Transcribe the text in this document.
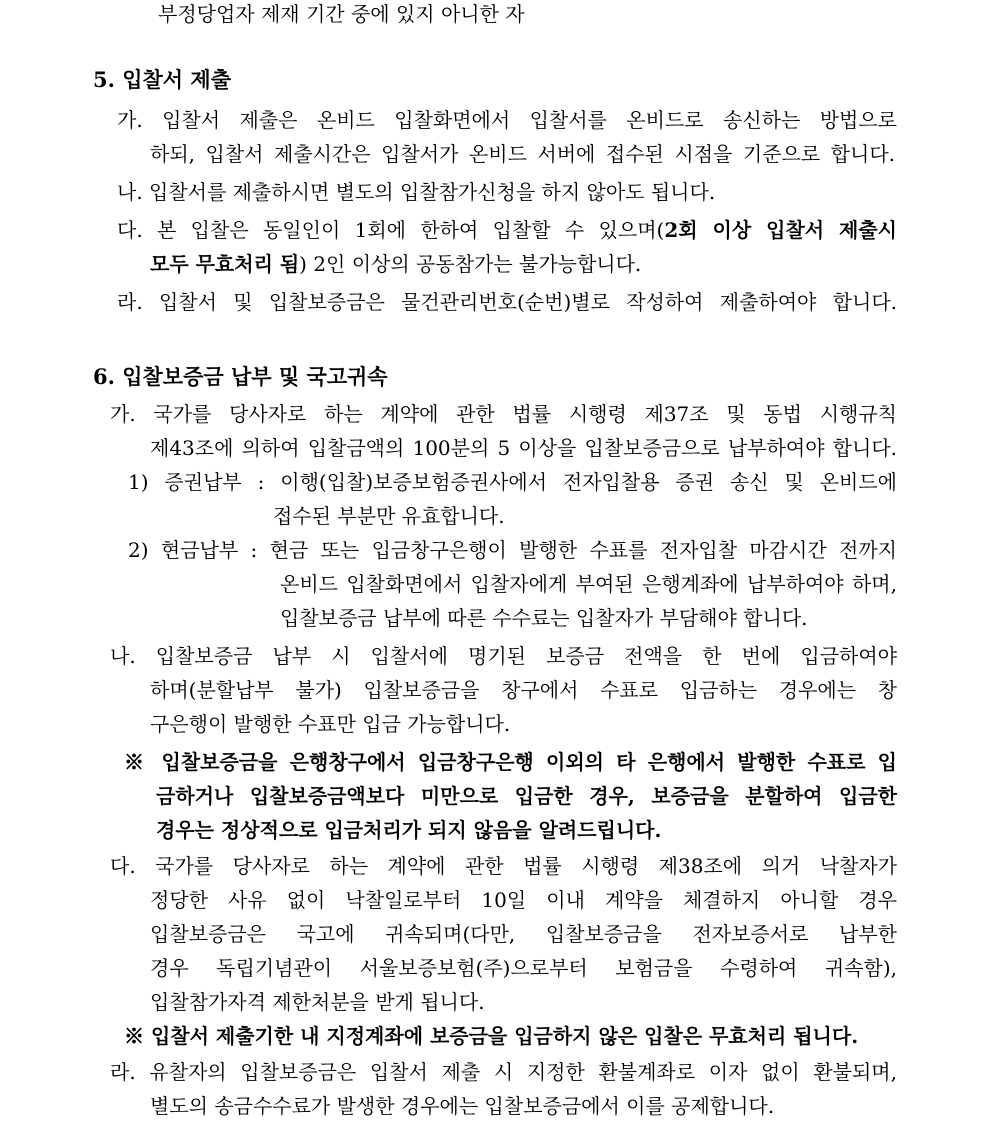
부정당업자 제재 기간 중에 있지 아니한 자
5. 입찰서 제출
가. 입찰서 제출은 온비드 입찰화면에서 입찰서를 온비드로 송신하는 방법으로
하되, 입찰서 제출시간은 입찰서가 온비드 서버에 접수된 시점을 기준으로 합니다.
나. 입찰서를 제출하시면 별도의 입찰참가신청을 하지 않아도 됩니다.
다. 본 입찰은 동일인이 1회에 한하여 입찰할 수 있으며(2회 이상 입찰서 제출시
모두 무효처리 됨) 2인 이상의 공동참가는 불가능합니다.
라. 입찰서 및 입찰보증금은 물건관리번호(순번)별로 작성하여 제출하여야 합니다.
6. 입찰보증금 납부 및 국고귀속
가. 국가를 당사자로 하는 계약에 관한 법률 시행령 제37조 및 동법 시행규칙
제43조에 의하여 입찰금액의 100분의 5 이상을 입찰보증금으로 납부하여야 합니다.
1) 증권납부 : 이행(입찰)보증보험증권사에서 전자입찰용 증권 송신 및 온비드에
접수된 부분만 유효합니다.
2) 현금납부 : 현금 또는 입금창구은행이 발행한 수표를 전자입찰 마감시간 전까지
온비드 입찰화면에서 입찰자에게 부여된 은행계좌에 납부하여야 하며,
입찰보증금 납부에 따른 수수료는 입찰자가 부담해야 합니다.
나. 입찰보증금 납부 시 입찰서에 명기된 보증금 전액을 한 번에 입금하여야
하며(분할납부 불가) 입찰보증금을 창구에서 수표로 입금하는 경우에는 창
구은행이 발행한 수표만 입금 가능합니다.
※ 입찰보증금을 은행창구에서 입금창구은행 이외의 타 은행에서 발행한 수표로 입
금하거나 입찰보증금액보다 미만으로 입금한 경우, 보증금을 분할하여 입금한
경우는 정상적으로 입금처리가 되지 않음을 알려드립니다.
다. 국가를 당사자로 하는 계약에 관한 법률 시행령 제38조에 의거 낙찰자가
정당한 사유 없이 낙찰일로부터 10일 이내 계약을 체결하지 아니할 경우
입찰보증금은 국고에 귀속되며(다만, 입찰보증금을 전자보증서로 납부한
경우 독립기념관이 서울보증보험(주)으로부터 보험금을 수령하여 귀속함),
입찰참가자격 제한처분을 받게 됩니다.
※ 입찰서 제출기한 내 지정계좌에 보증금을 입금하지 않은 입찰은 무효처리 됩니다.
라. 유찰자의 입찰보증금은 입찰서 제출 시 지정한 환불계좌로 이자 없이 환불되며,
별도의 송금수수료가 발생한 경우에는 입찰보증금에서 이를 공제합니다.
